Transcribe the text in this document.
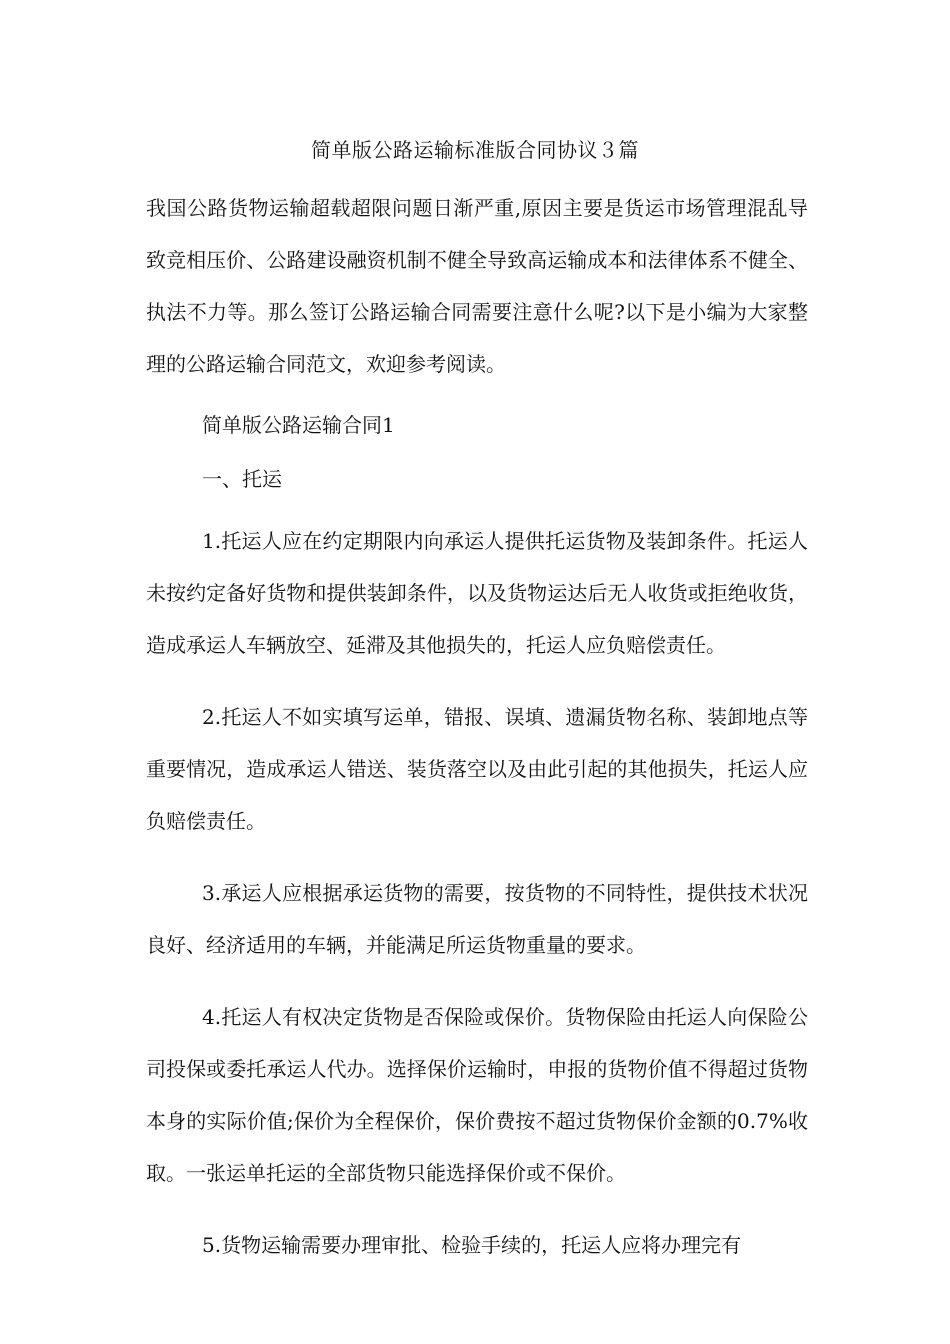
简单版公路运输标准版合同协议３篇

我国公路货物运输超载超限问题日渐严重,原因主要是货运市场管理混乱导致竞相压价、公路建设融资机制不健全导致高运输成本和法律体系不健全、执法不力等。那么签订公路运输合同需要注意什么呢?以下是小编为大家整理的公路运输合同范文，欢迎参考阅读。

简单版公路运输合同1

一、托运

1.托运人应在约定期限内向承运人提供托运货物及装卸条件。托运人未按约定备好货物和提供装卸条件，以及货物运达后无人收货或拒绝收货，造成承运人车辆放空、延滞及其他损失的，托运人应负赔偿责任。

2.托运人不如实填写运单，错报、误填、遗漏货物名称、装卸地点等重要情况，造成承运人错送、装货落空以及由此引起的其他损失，托运人应负赔偿责任。

3.承运人应根据承运货物的需要，按货物的不同特性，提供技术状况良好、经济适用的车辆，并能满足所运货物重量的要求。

4.托运人有权决定货物是否保险或保价。货物保险由托运人向保险公司投保或委托承运人代办。选择保价运输时，申报的货物价值不得超过货物本身的实际价值;保价为全程保价，保价费按不超过货物保价金额的0.7%收取。一张运单托运的全部货物只能选择保价或不保价。

5.货物运输需要办理审批、检验手续的，托运人应将办理完有
